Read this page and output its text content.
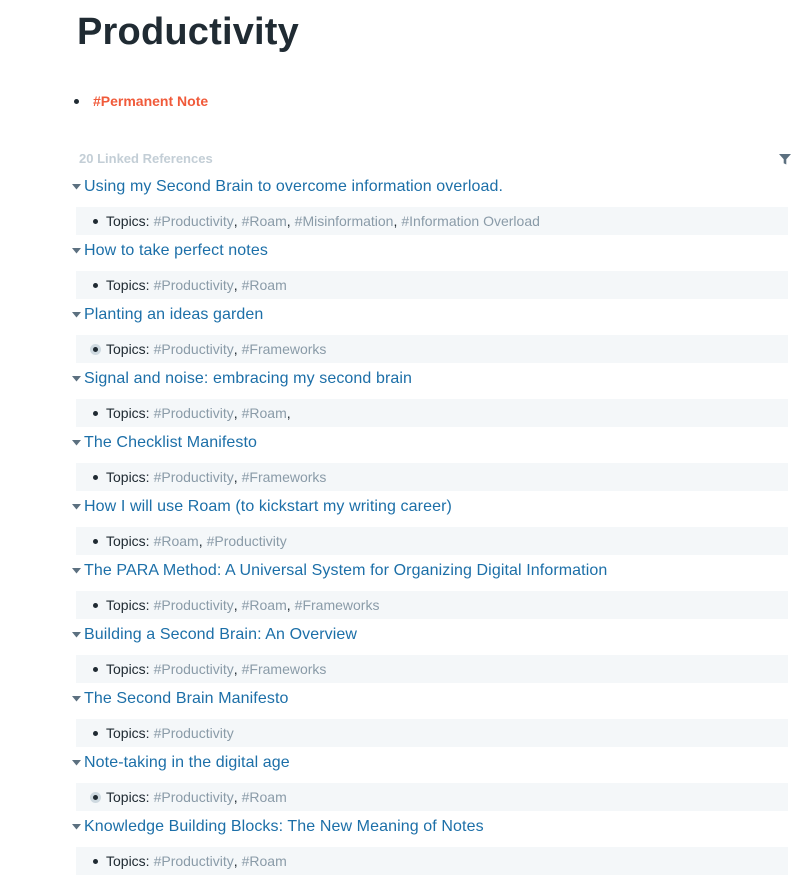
Productivity
#Permanent Note
20 Linked References
Using my Second Brain to overcome information overload.
Topics: #Productivity , #Roam , #Misinformation , #Information Overload
How to take perfect notes
Topics: #Productivity , #Roam
Planting an ideas garden
Topics: #Productivity , #Frameworks
Signal and noise: embracing my second brain
Topics: #Productivity , #Roam ,
The Checklist Manifesto
Topics: #Productivity , #Frameworks
How I will use Roam (to kickstart my writing career)
Topics: #Roam , #Productivity
The PARA Method: A Universal System for Organizing Digital Information
Topics: #Productivity , #Roam , #Frameworks
Building a Second Brain: An Overview
Topics: #Productivity , #Frameworks
The Second Brain Manifesto
Topics: #Productivity
Note-taking in the digital age
Topics: #Productivity , #Roam
Knowledge Building Blocks: The New Meaning of Notes
Topics: #Productivity , #Roam
